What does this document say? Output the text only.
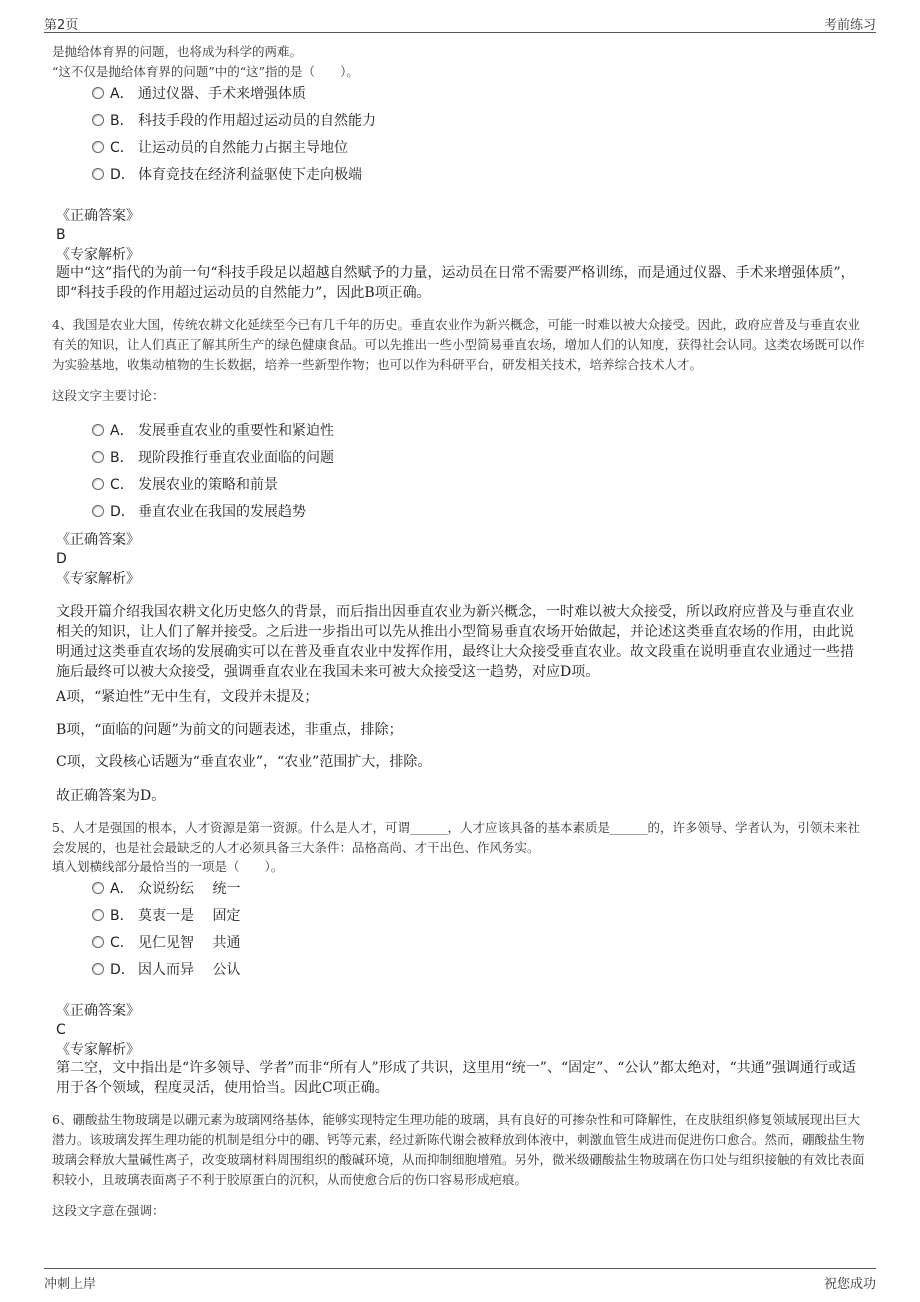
第2页	考前练习
是抛给体育界的问题，也将成为科学的两难。
“这不仅是抛给体育界的问题”中的“这”指的是（　　）。
A． 通过仪器、手术来增强体质
B． 科技手段的作用超过运动员的自然能力
C． 让运动员的自然能力占据主导地位
D． 体育竞技在经济利益驱使下走向极端
《正确答案》
B
《专家解析》
题中“这”指代的为前一句“科技手段足以超越自然赋予的力量，运动员在日常不需要严格训练，而是通过仪器、手术来增强体质”，即“科技手段的作用超过运动员的自然能力”，因此B项正确。
4、我国是农业大国，传统农耕文化延续至今已有几千年的历史。垂直农业作为新兴概念，可能一时难以被大众接受。因此，政府应普及与垂直农业有关的知识，让人们真正了解其所生产的绿色健康食品。可以先推出一些小型简易垂直农场，增加人们的认知度，获得社会认同。这类农场既可以作为实验基地，收集动植物的生长数据，培养一些新型作物；也可以作为科研平台，研发相关技术，培养综合技术人才。
这段文字主要讨论：
A． 发展垂直农业的重要性和紧迫性
B． 现阶段推行垂直农业面临的问题
C． 发展农业的策略和前景
D． 垂直农业在我国的发展趋势
《正确答案》
D
《专家解析》
文段开篇介绍我国农耕文化历史悠久的背景，而后指出因垂直农业为新兴概念，一时难以被大众接受，所以政府应普及与垂直农业相关的知识，让人们了解并接受。之后进一步指出可以先从推出小型简易垂直农场开始做起，并论述这类垂直农场的作用，由此说明通过这类垂直农场的发展确实可以在普及垂直农业中发挥作用，最终让大众接受垂直农业。故文段重在说明垂直农业通过一些措施后最终可以被大众接受，强调垂直农业在我国未来可被大众接受这一趋势，对应D项。
A项，“紧迫性”无中生有，文段并未提及；
B项，“面临的问题”为前文的问题表述，非重点，排除；
C项，文段核心话题为“垂直农业”，“农业”范围扩大，排除。
故正确答案为D。
5、人才是强国的根本，人才资源是第一资源。什么是人才，可谓______，人才应该具备的基本素质是______的，许多领导、学者认为，引领未来社会发展的，也是社会最缺乏的人才必须具备三大条件：品格高尚、才干出色、作风务实。
填入划横线部分最恰当的一项是（　　）。
A． 众说纷纭　 统一
B． 莫衷一是　 固定
C． 见仁见智　 共通
D． 因人而异　 公认
《正确答案》
C
《专家解析》
第二空，文中指出是“许多领导、学者”而非“所有人”形成了共识，这里用“统一”、“固定”、“公认”都太绝对，“共通”强调通行或适用于各个领域，程度灵活，使用恰当。因此C项正确。
6、硼酸盐生物玻璃是以硼元素为玻璃网络基体，能够实现特定生理功能的玻璃，具有良好的可掺杂性和可降解性，在皮肤组织修复领域展现出巨大潜力。该玻璃发挥生理功能的机制是组分中的硼、钙等元素，经过新陈代谢会被释放到体液中，刺激血管生成进而促进伤口愈合。然而，硼酸盐生物玻璃会释放大量碱性离子，改变玻璃材料周围组织的酸碱环境，从而抑制细胞增殖。另外，微米级硼酸盐生物玻璃在伤口处与组织接触的有效比表面积较小，且玻璃表面离子不利于胶原蛋白的沉积，从而使愈合后的伤口容易形成疤痕。
这段文字意在强调：
冲刺上岸	祝您成功
